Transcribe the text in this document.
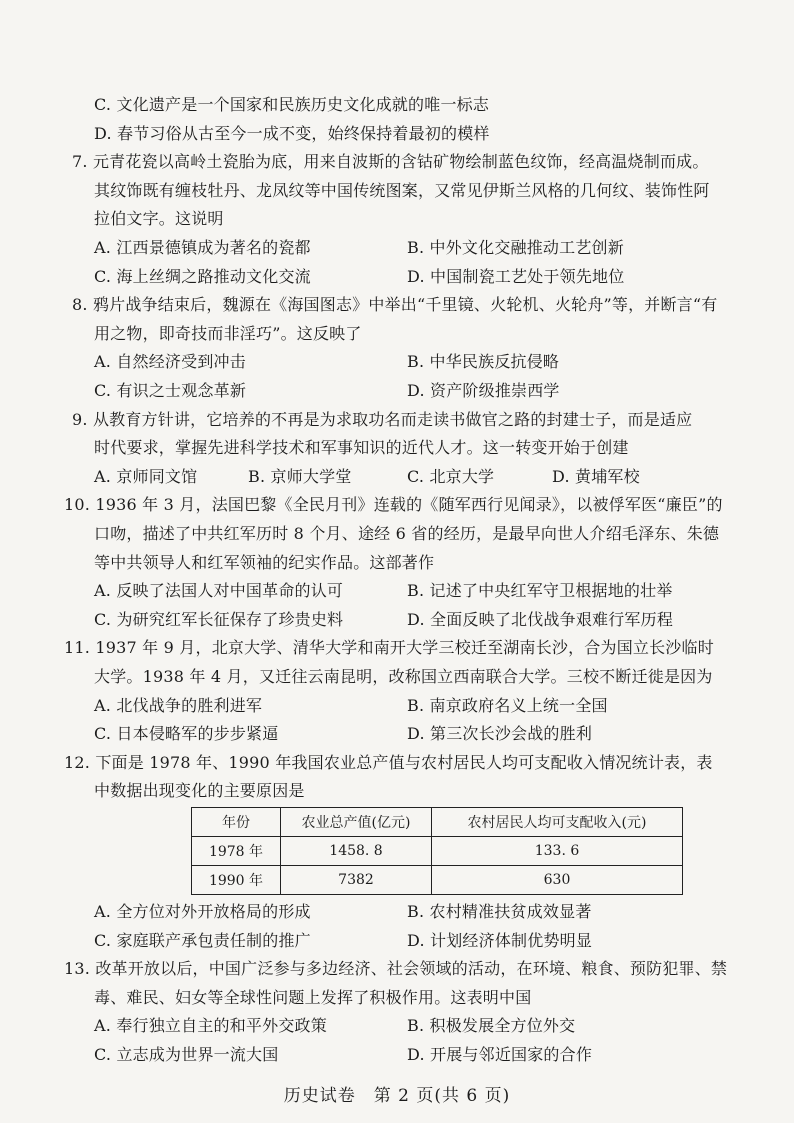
C. 文化遗产是一个国家和民族历史文化成就的唯一标志
D. 春节习俗从古至今一成不变，始终保持着最初的模样
7. 元青花瓷以高岭土瓷胎为底，用来自波斯的含钴矿物绘制蓝色纹饰，经高温烧制而成。
其纹饰既有缠枝牡丹、龙凤纹等中国传统图案，又常见伊斯兰风格的几何纹、装饰性阿
拉伯文字。这说明
A. 江西景德镇成为著名的瓷都	B. 中外文化交融推动工艺创新
C. 海上丝绸之路推动文化交流	D. 中国制瓷工艺处于领先地位
8. 鸦片战争结束后，魏源在《海国图志》中举出“千里镜、火轮机、火轮舟”等，并断言“有
用之物，即奇技而非淫巧”。这反映了
A. 自然经济受到冲击	B. 中华民族反抗侵略
C. 有识之士观念革新	D. 资产阶级推崇西学
9. 从教育方针讲，它培养的不再是为求取功名而走读书做官之路的封建士子，而是适应
时代要求，掌握先进科学技术和军事知识的近代人才。这一转变开始于创建
A. 京师同文馆	B. 京师大学堂	C. 北京大学	D. 黄埔军校
10. 1936 年 3 月，法国巴黎《全民月刊》连载的《随军西行见闻录》，以被俘军医“廉臣”的
口吻，描述了中共红军历时 8 个月、途经 6 省的经历，是最早向世人介绍毛泽东、朱德
等中共领导人和红军领袖的纪实作品。这部著作
A. 反映了法国人对中国革命的认可	B. 记述了中央红军守卫根据地的壮举
C. 为研究红军长征保存了珍贵史料	D. 全面反映了北伐战争艰难行军历程
11. 1937 年 9 月，北京大学、清华大学和南开大学三校迁至湖南长沙，合为国立长沙临时
大学。1938 年 4 月，又迁往云南昆明，改称国立西南联合大学。三校不断迁徙是因为
A. 北伐战争的胜利进军	B. 南京政府名义上统一全国
C. 日本侵略军的步步紧逼	D. 第三次长沙会战的胜利
12. 下面是 1978 年、1990 年我国农业总产值与农村居民人均可支配收入情况统计表，表
中数据出现变化的主要原因是
年份	农业总产值(亿元)	农村居民人均可支配收入(元)
1978 年	1458. 8	133. 6
1990 年	7382	630
A. 全方位对外开放格局的形成	B. 农村精准扶贫成效显著
C. 家庭联产承包责任制的推广	D. 计划经济体制优势明显
13. 改革开放以后，中国广泛参与多边经济、社会领域的活动，在环境、粮食、预防犯罪、禁
历史试卷　第 2 页(共 6 页)
毒、难民、妇女等全球性问题上发挥了积极作用。这表明中国
A. 奉行独立自主的和平外交政策	B. 积极发展全方位外交
C. 立志成为世界一流大国	D. 开展与邻近国家的合作
